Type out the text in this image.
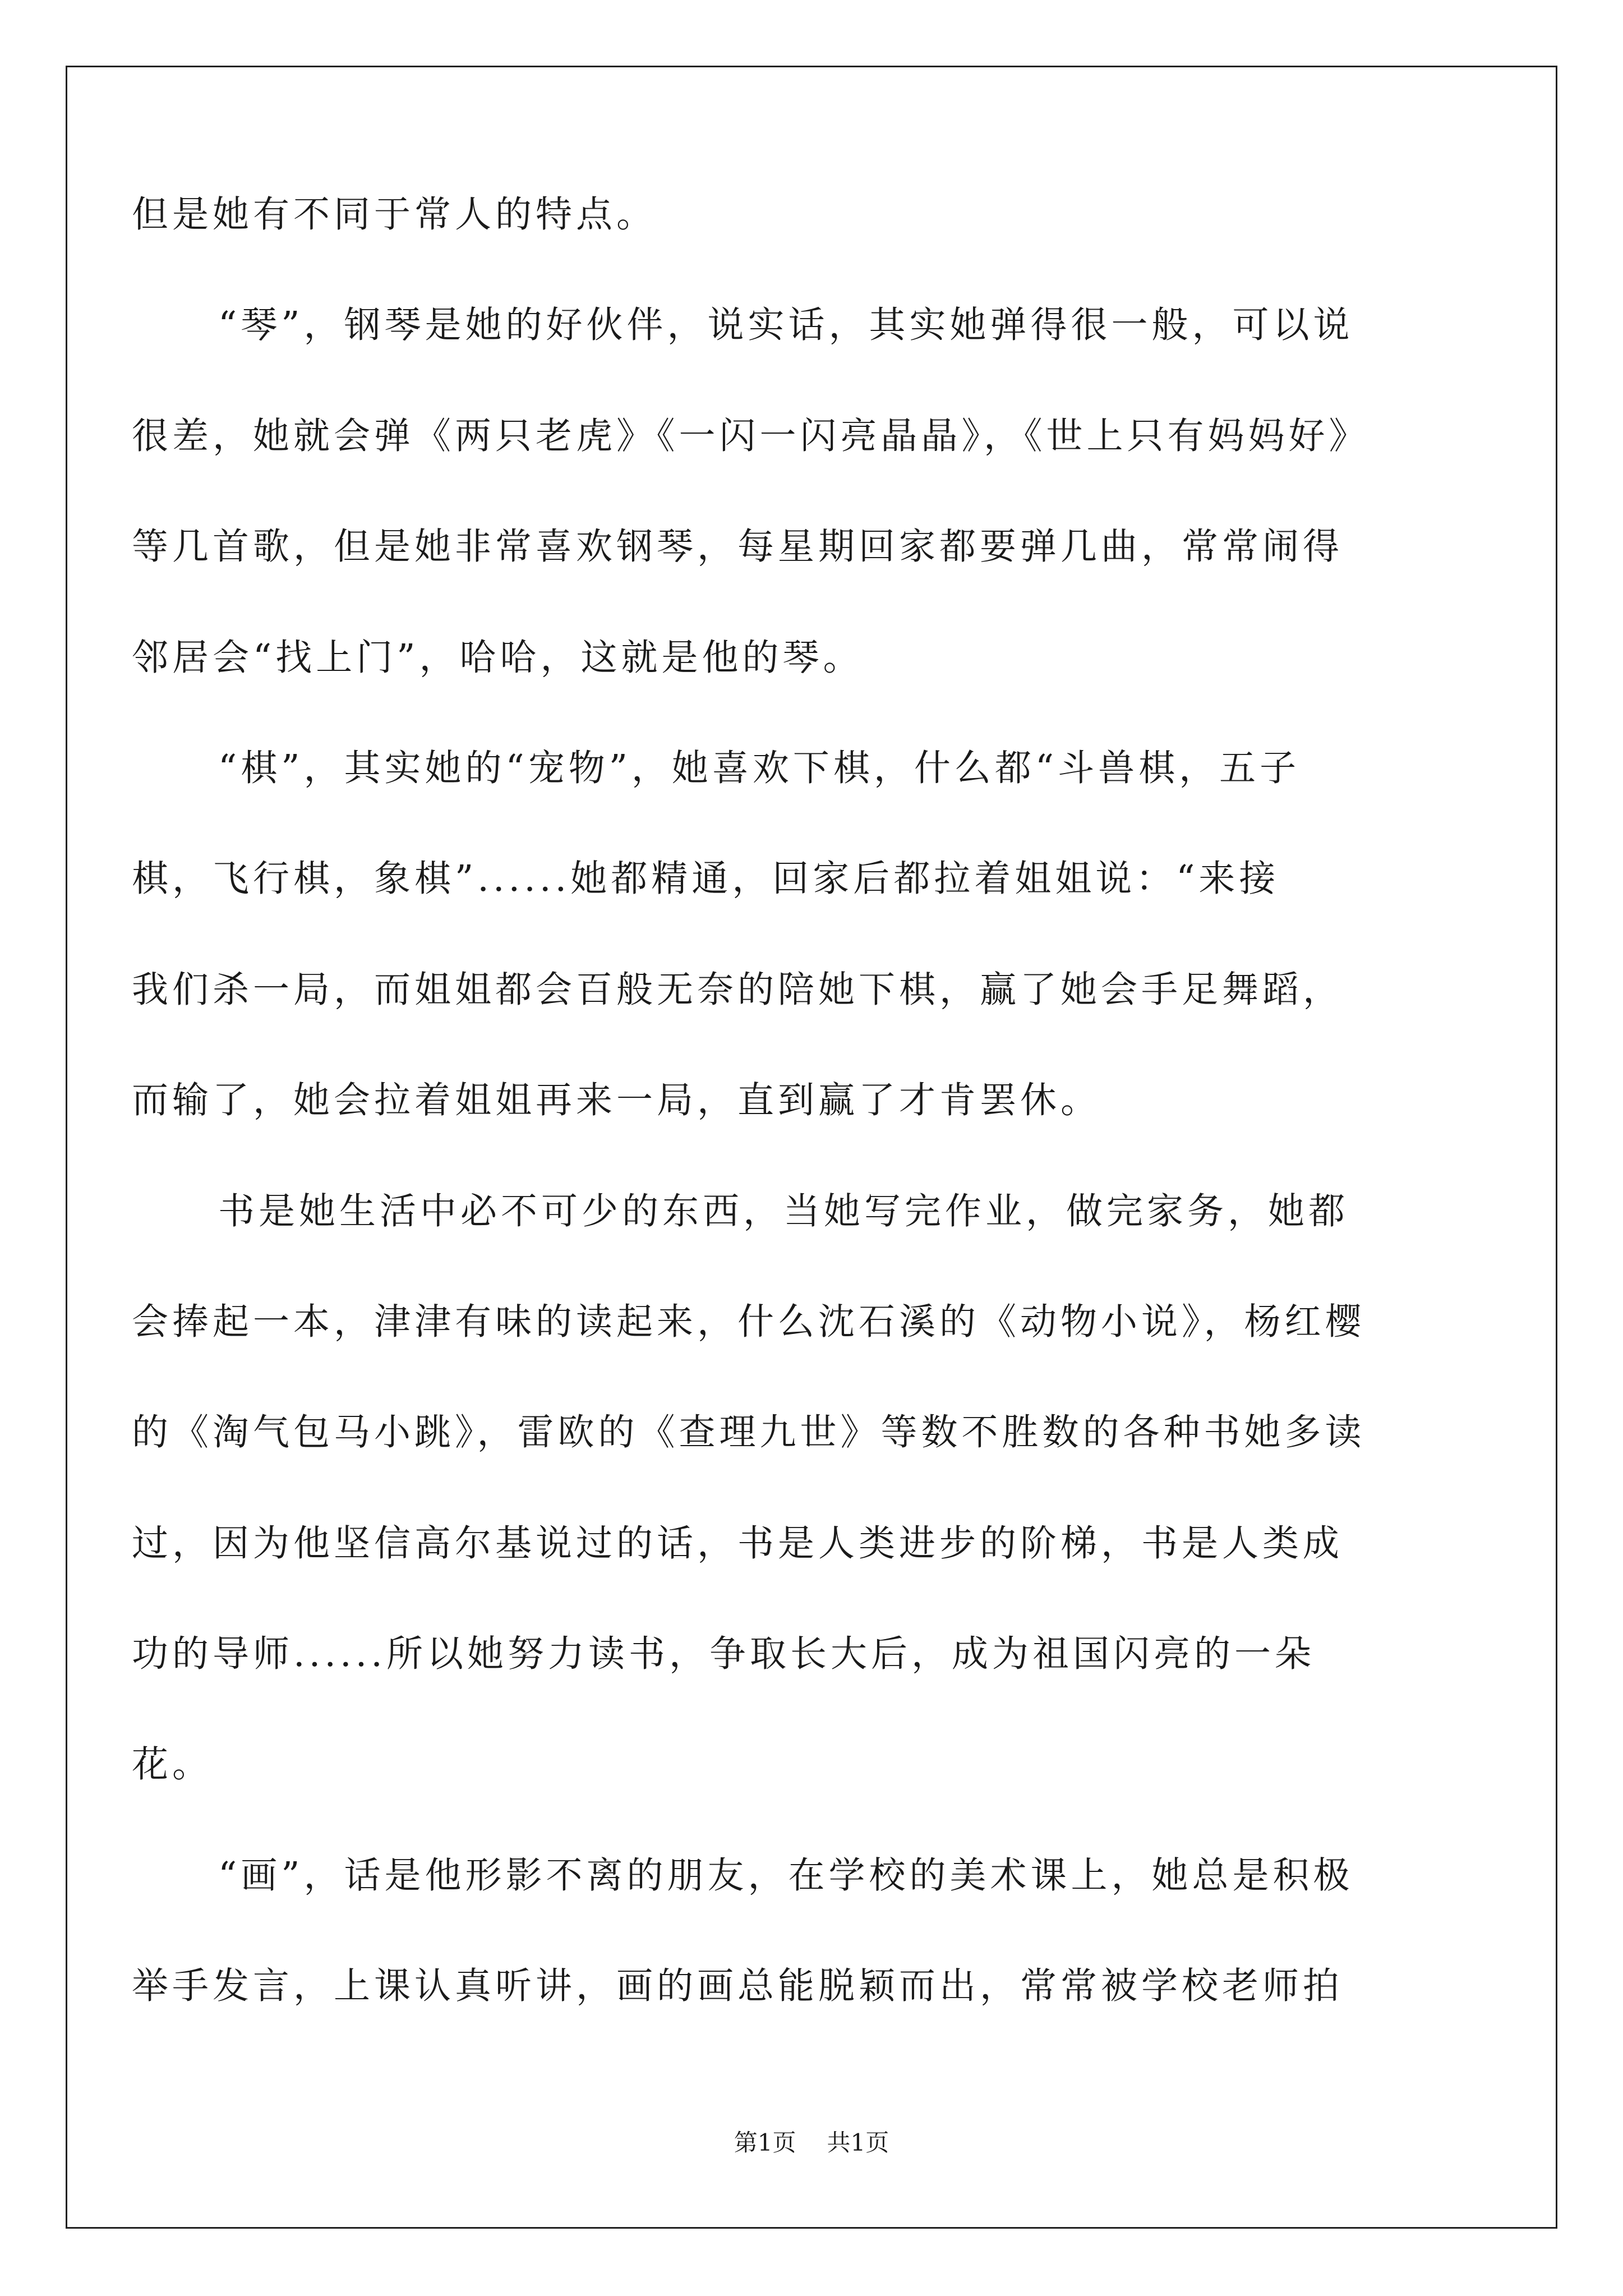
但是她有不同于常人的特点。
“琴”，钢琴是她的好伙伴，说实话，其实她弹得很一般，可以说
很差，她就会弹《两只老虎》《一闪一闪亮晶晶》，《世上只有妈妈好》
等几首歌，但是她非常喜欢钢琴，每星期回家都要弹几曲，常常闹得
邻居会“找上门”，哈哈，这就是他的琴。
“棋”，其实她的“宠物”，她喜欢下棋，什么都“斗兽棋，五子
棋，飞行棋，象棋”......她都精通，回家后都拉着姐姐说：“来接
我们杀一局，而姐姐都会百般无奈的陪她下棋，赢了她会手足舞蹈，
而输了，她会拉着姐姐再来一局，直到赢了才肯罢休。
书是她生活中必不可少的东西，当她写完作业，做完家务，她都
会捧起一本，津津有味的读起来，什么沈石溪的《动物小说》，杨红樱
的《淘气包马小跳》，雷欧的《查理九世》等数不胜数的各种书她多读
过，因为他坚信高尔基说过的话，书是人类进步的阶梯，书是人类成
功的导师......所以她努力读书，争取长大后，成为祖国闪亮的一朵
花。
“画”，话是他形影不离的朋友，在学校的美术课上，她总是积极
举手发言，上课认真听讲，画的画总能脱颖而出，常常被学校老师拍
第1页 共1页
